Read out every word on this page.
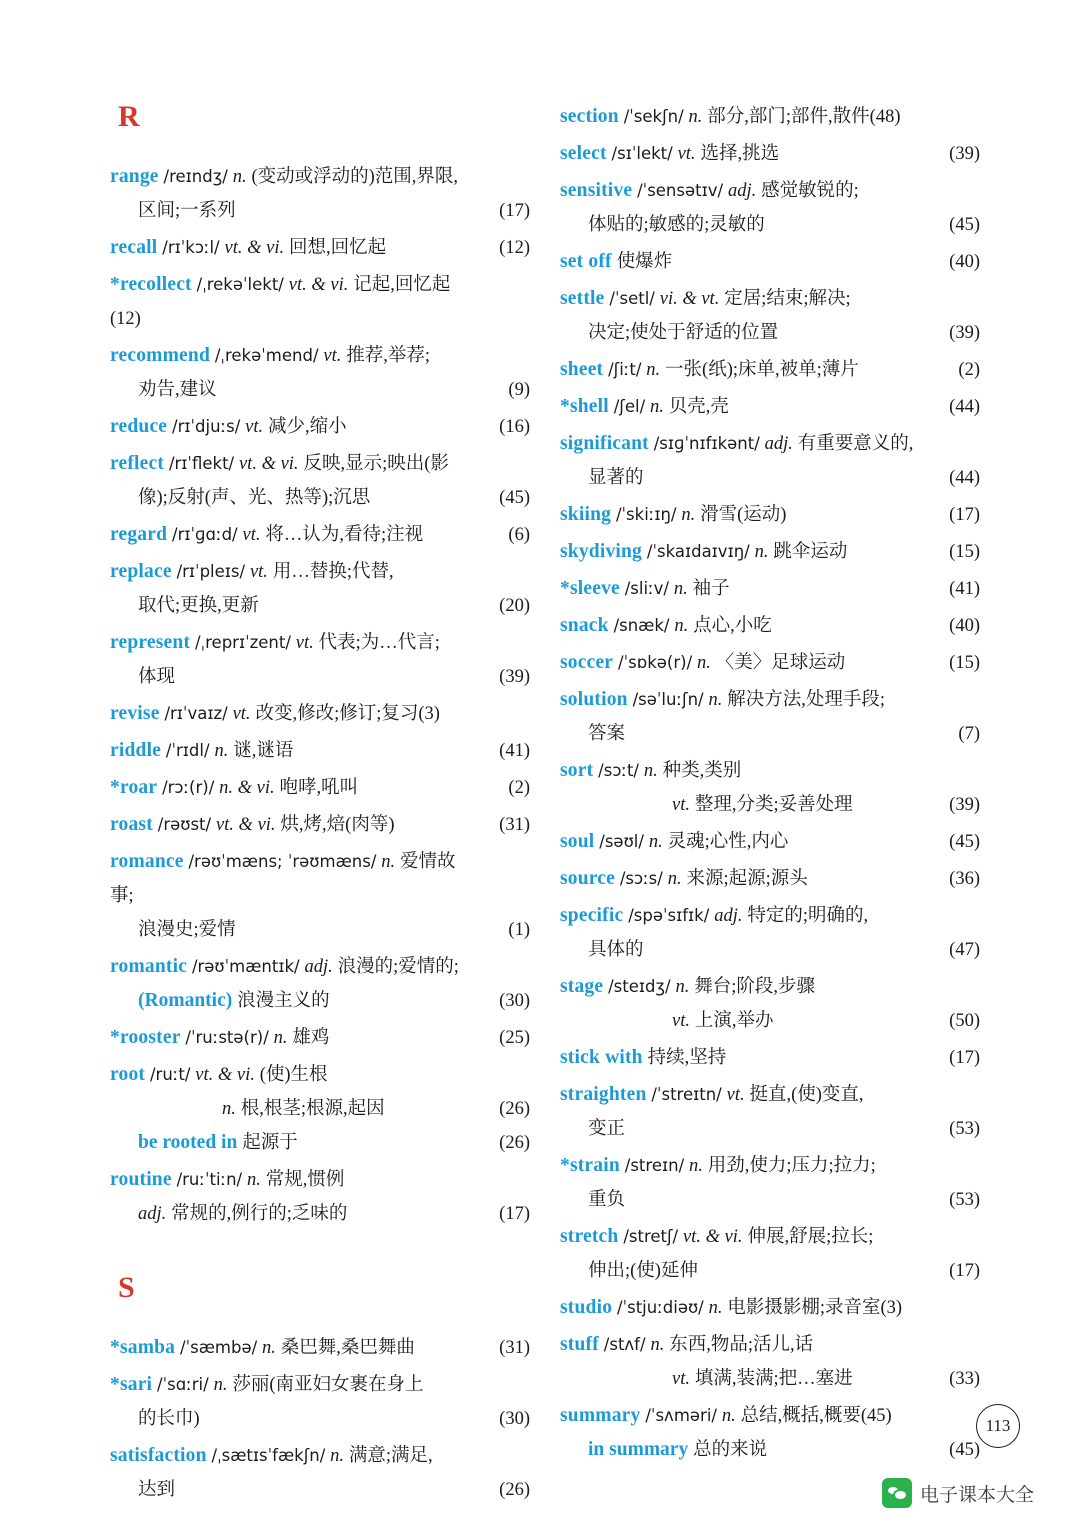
R
range /reɪndʒ/ n. (变动或浮动的)范围,界限,
区间;一系列	(17)
recall /rɪˈkɔːl/ vt. & vi. 回想,回忆起	(12)
*recollect /ˌrekəˈlekt/ vt. & vi. 记起,回忆起(12)
recommend /ˌrekəˈmend/ vt. 推荐,举荐;
劝告,建议	(9)
reduce /rɪˈdjuːs/ vt. 减少,缩小	(16)
reflect /rɪˈflekt/ vt. & vi. 反映,显示;映出(影
像);反射(声、光、热等);沉思	(45)
regard /rɪˈɡɑːd/ vt. 将…认为,看待;注视	(6)
replace /rɪˈpleɪs/ vt. 用…替换;代替,
取代;更换,更新	(20)
represent /ˌreprɪˈzent/ vt. 代表;为…代言;
体现	(39)
revise /rɪˈvaɪz/ vt. 改变,修改;修订;复习(3)
riddle /ˈrɪdl/ n. 谜,谜语	(41)
*roar /rɔː(r)/ n. & vi. 咆哮,吼叫	(2)
roast /rəʊst/ vt. & vi. 烘,烤,焙(肉等)	(31)
romance /rəʊˈmæns; ˈrəʊmæns/ n. 爱情故事;
浪漫史;爱情	(1)
romantic /rəʊˈmæntɪk/ adj. 浪漫的;爱情的;
(Romantic) 浪漫主义的	(30)
*rooster /ˈruːstə(r)/ n. 雄鸡	(25)
root /ruːt/ vt. & vi. (使)生根
n. 根,根茎;根源,起因	(26)
be rooted in 起源于	(26)
routine /ruːˈtiːn/ n. 常规,惯例
adj. 常规的,例行的;乏味的	(17)
S
*samba /ˈsæmbə/ n. 桑巴舞,桑巴舞曲	(31)
*sari /ˈsɑːri/ n. 莎丽(南亚妇女裹在身上
的长巾)	(30)
satisfaction /ˌsætɪsˈfækʃn/ n. 满意;满足,
达到	(26)
section /ˈsekʃn/ n. 部分,部门;部件,散件(48)
select /sɪˈlekt/ vt. 选择,挑选	(39)
sensitive /ˈsensətɪv/ adj. 感觉敏锐的;
体贴的;敏感的;灵敏的	(45)
set off 使爆炸	(40)
settle /ˈsetl/ vi. & vt. 定居;结束;解决;
决定;使处于舒适的位置	(39)
sheet /ʃiːt/ n. 一张(纸);床单,被单;薄片	(2)
*shell /ʃel/ n. 贝壳,壳	(44)
significant /sɪɡˈnɪfɪkənt/ adj. 有重要意义的,
显著的	(44)
skiing /ˈskiːɪŋ/ n. 滑雪(运动)	(17)
skydiving /ˈskaɪdaɪvɪŋ/ n. 跳伞运动	(15)
*sleeve /sliːv/ n. 袖子	(41)
snack /snæk/ n. 点心,小吃	(40)
soccer /ˈsɒkə(r)/ n. 〈美〉足球运动	(15)
solution /səˈluːʃn/ n. 解决方法,处理手段;
答案	(7)
sort /sɔːt/ n. 种类,类别
vt. 整理,分类;妥善处理	(39)
soul /səʊl/ n. 灵魂;心性,内心	(45)
source /sɔːs/ n. 来源;起源;源头	(36)
specific /spəˈsɪfɪk/ adj. 特定的;明确的,
具体的	(47)
stage /steɪdʒ/ n. 舞台;阶段,步骤
vt. 上演,举办	(50)
stick with 持续,坚持	(17)
straighten /ˈstreɪtn/ vt. 挺直,(使)变直,
变正	(53)
*strain /streɪn/ n. 用劲,使力;压力;拉力;
重负	(53)
stretch /stretʃ/ vt. & vi. 伸展,舒展;拉长;
伸出;(使)延伸	(17)
studio /ˈstjuːdiəʊ/ n. 电影摄影棚;录音室(3)
stuff /stʌf/ n. 东西,物品;活儿,话
vt. 填满,装满;把…塞进	(33)
summary /ˈsʌməri/ n. 总结,概括,概要(45)
in summary 总的来说	(45)
113
电子课本大全
